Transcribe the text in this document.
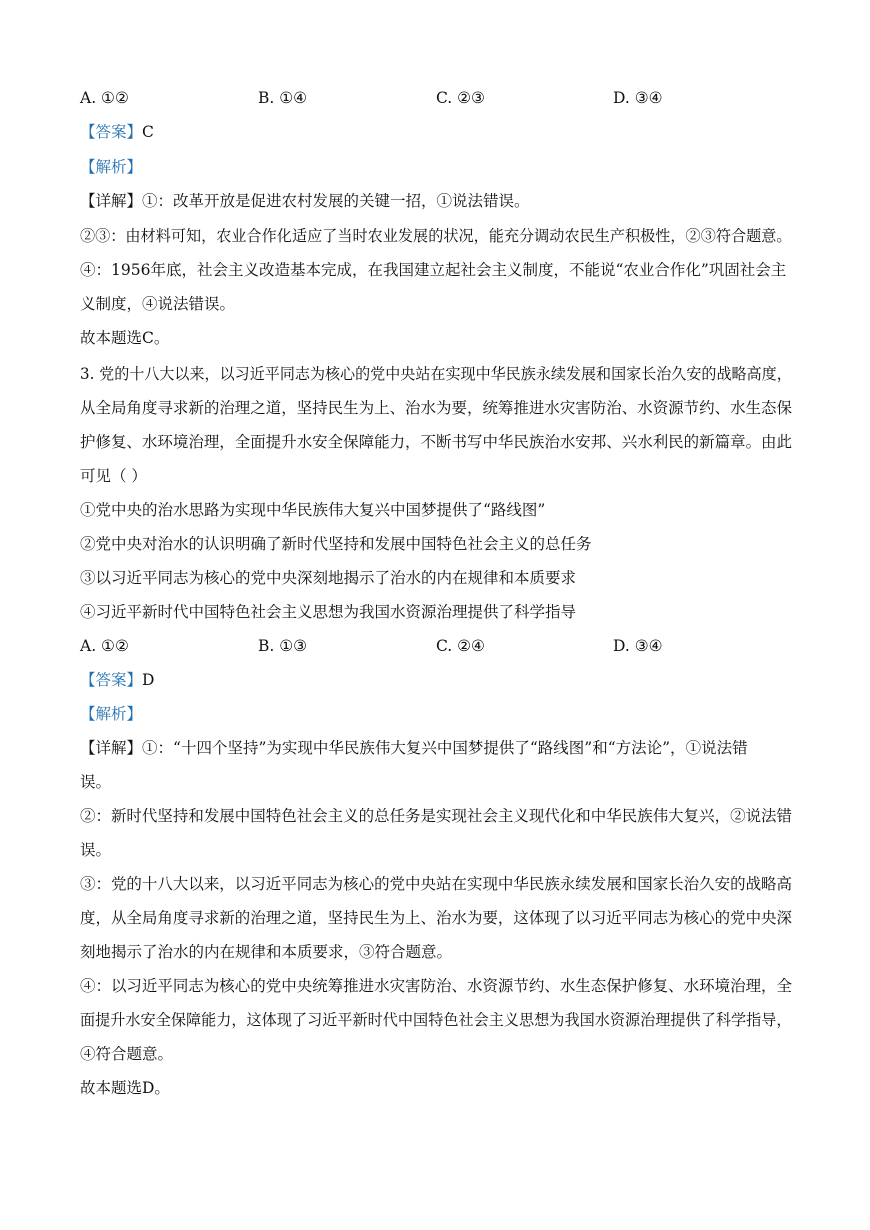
A. ①②	B. ①④	C. ②③	D. ③④
【答案】C
【解析】
【详解】①：改革开放是促进农村发展的关键一招，①说法错误。
②③：由材料可知，农业合作化适应了当时农业发展的状况，能充分调动农民生产积极性，②③符合题意。
④：1956年底，社会主义改造基本完成，在我国建立起社会主义制度，不能说“农业合作化”巩固社会主
义制度，④说法错误。
故本题选C。
3. 党的十八大以来，以习近平同志为核心的党中央站在实现中华民族永续发展和国家长治久安的战略高度，
从全局角度寻求新的治理之道，坚持民生为上、治水为要，统筹推进水灾害防治、水资源节约、水生态保
护修复、水环境治理，全面提升水安全保障能力，不断书写中华民族治水安邦、兴水利民的新篇章。由此
可见（ ）
①党中央的治水思路为实现中华民族伟大复兴中国梦提供了“路线图”
②党中央对治水的认识明确了新时代坚持和发展中国特色社会主义的总任务
③以习近平同志为核心的党中央深刻地揭示了治水的内在规律和本质要求
④习近平新时代中国特色社会主义思想为我国水资源治理提供了科学指导
A. ①②	B. ①③	C. ②④	D. ③④
【答案】D
【解析】
【详解】①：“十四个坚持”为实现中华民族伟大复兴中国梦提供了“路线图”和“方法论”，①说法错
误。
②：新时代坚持和发展中国特色社会主义的总任务是实现社会主义现代化和中华民族伟大复兴，②说法错
误。
③：党的十八大以来，以习近平同志为核心的党中央站在实现中华民族永续发展和国家长治久安的战略高
度，从全局角度寻求新的治理之道，坚持民生为上、治水为要，这体现了以习近平同志为核心的党中央深
刻地揭示了治水的内在规律和本质要求，③符合题意。
④：以习近平同志为核心的党中央统筹推进水灾害防治、水资源节约、水生态保护修复、水环境治理，全
面提升水安全保障能力，这体现了习近平新时代中国特色社会主义思想为我国水资源治理提供了科学指导，
④符合题意。
故本题选D。
